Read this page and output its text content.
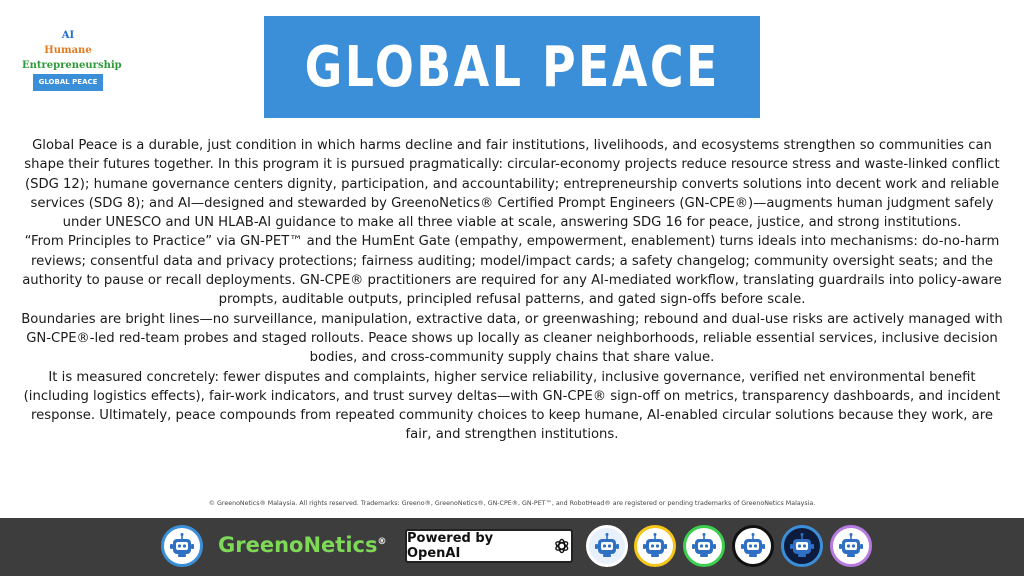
AI
Humane
Entrepreneurship
GLOBAL PEACE	GLOBAL PEACE

Global Peace is a durable, just condition in which harms decline and fair institutions, livelihoods, and ecosystems strengthen so communities can shape their futures together. In this program it is pursued pragmatically: circular-economy projects reduce resource stress and waste-linked conflict (SDG 12); humane governance centers dignity, participation, and accountability; entrepreneurship converts solutions into decent work and reliable services (SDG 8); and AI—designed and stewarded by GreenoNetics® Certified Prompt Engineers (GN-CPE®)—augments human judgment safely under UNESCO and UN HLAB-AI guidance to make all three viable at scale, answering SDG 16 for peace, justice, and strong institutions.

“From Principles to Practice” via GN-PET™ and the HumEnt Gate (empathy, empowerment, enablement) turns ideals into mechanisms: do-no-harm reviews; consentful data and privacy protections; fairness auditing; model/impact cards; a safety changelog; community oversight seats; and the authority to pause or recall deployments. GN-CPE® practitioners are required for any AI-mediated workflow, translating guardrails into policy-aware prompts, auditable outputs, principled refusal patterns, and gated sign-offs before scale.

Boundaries are bright lines—no surveillance, manipulation, extractive data, or greenwashing; rebound and dual-use risks are actively managed with GN-CPE®-led red-team probes and staged rollouts. Peace shows up locally as cleaner neighborhoods, reliable essential services, inclusive decision bodies, and cross-community supply chains that share value.

It is measured concretely: fewer disputes and complaints, higher service reliability, inclusive governance, verified net environmental benefit (including logistics effects), fair-work indicators, and trust survey deltas—with GN-CPE® sign-off on metrics, transparency dashboards, and incident response. Ultimately, peace compounds from repeated community choices to keep humane, AI-enabled circular solutions because they work, are fair, and strengthen institutions.

© GreenoNetics® Malaysia. All rights reserved. Trademarks: Greeno®, GreenoNetics®, GN-CPE®, GN-PET™, and RobotHead® are registered or pending trademarks of GreenoNetics Malaysia.
GreenoNetics® Powered by OpenAI
